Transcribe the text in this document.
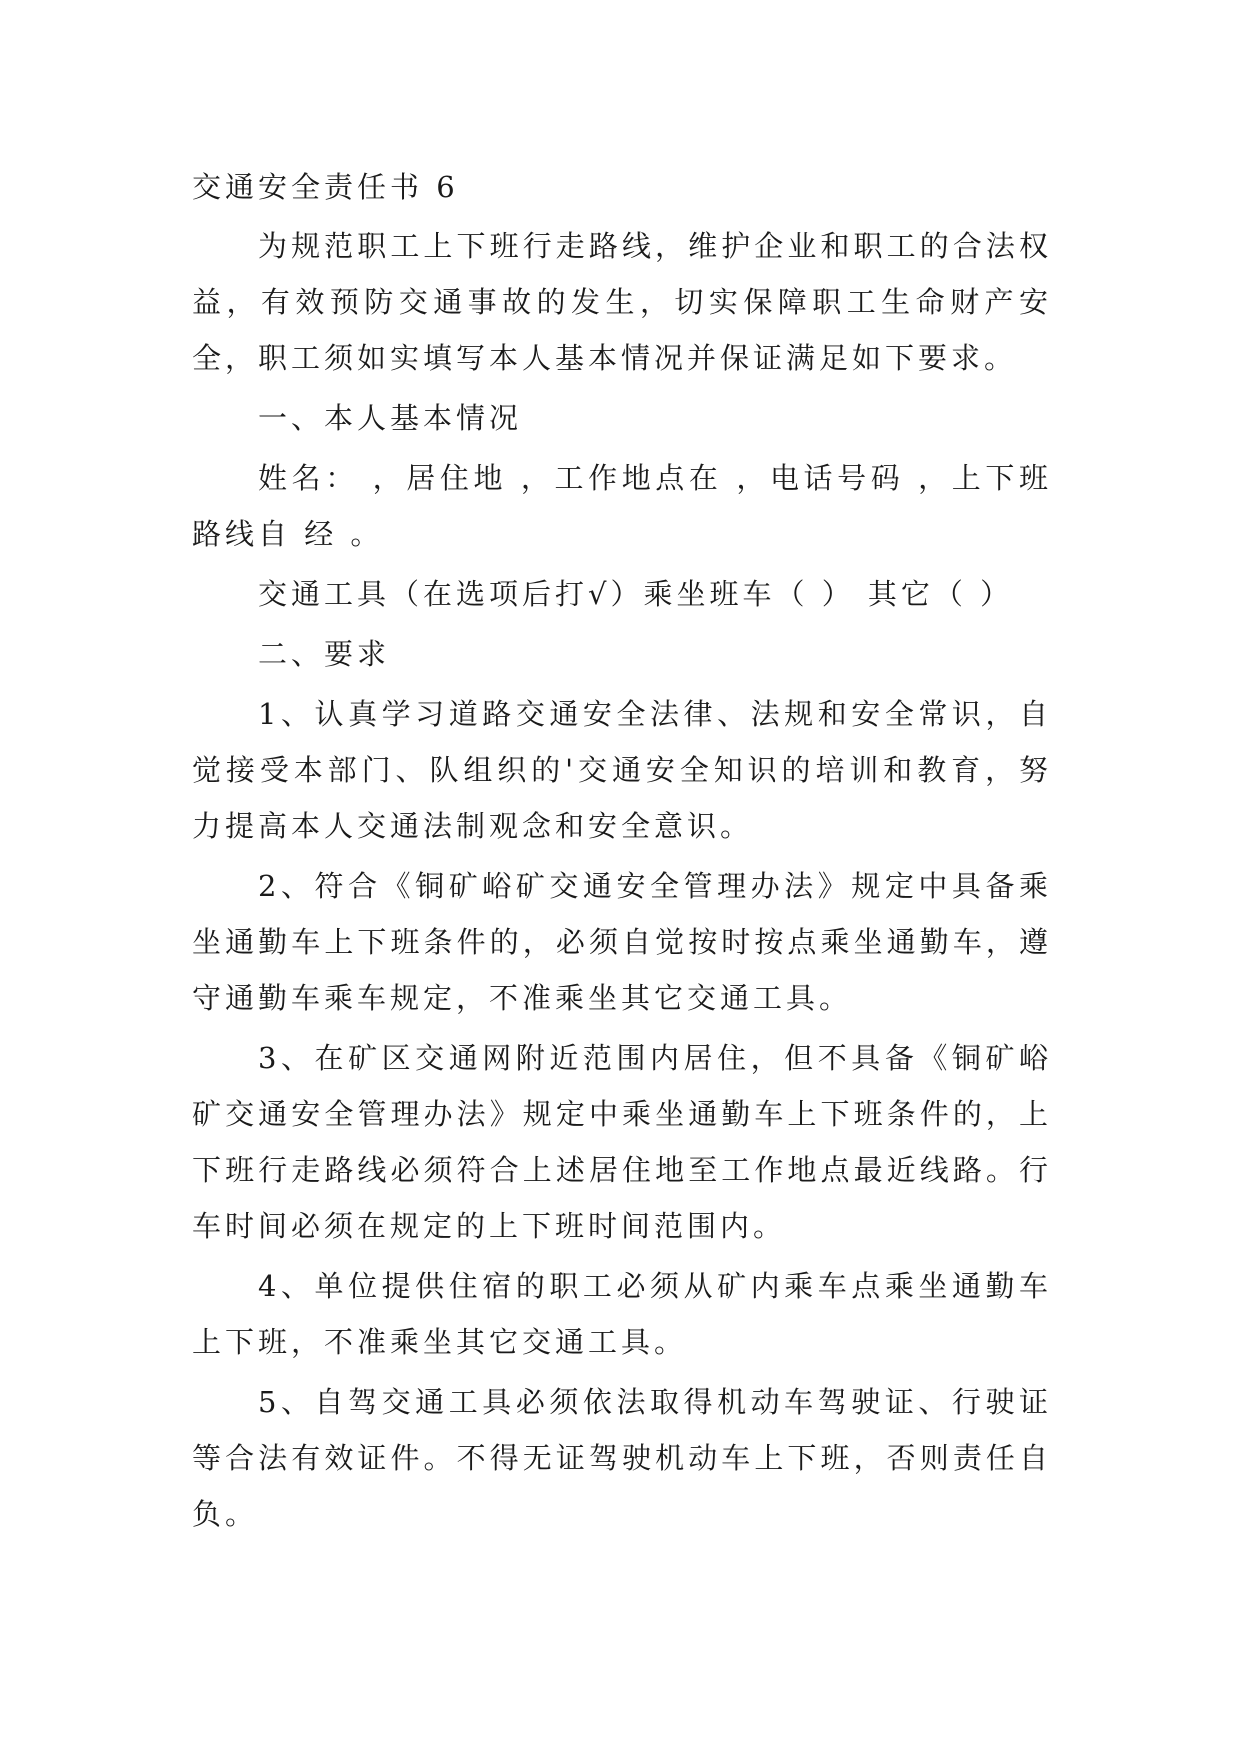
交通安全责任书 6

为规范职工上下班行走路线，维护企业和职工的合法权益，有效预防交通事故的发生，切实保障职工生命财产安全，职工须如实填写本人基本情况并保证满足如下要求。

一、本人基本情况

姓名： ，居住地 ，工作地点在 ，电话号码 ，上下班路线自 经 。

交通工具（在选项后打√）乘坐班车（ ） 其它（ ）

二、要求

1、认真学习道路交通安全法律、法规和安全常识，自觉接受本部门、队组织的'交通安全知识的培训和教育，努力提高本人交通法制观念和安全意识。

2、符合《铜矿峪矿交通安全管理办法》规定中具备乘坐通勤车上下班条件的，必须自觉按时按点乘坐通勤车，遵守通勤车乘车规定，不准乘坐其它交通工具。

3、在矿区交通网附近范围内居住，但不具备《铜矿峪矿交通安全管理办法》规定中乘坐通勤车上下班条件的，上下班行走路线必须符合上述居住地至工作地点最近线路。行车时间必须在规定的上下班时间范围内。

4、单位提供住宿的职工必须从矿内乘车点乘坐通勤车上下班，不准乘坐其它交通工具。

5、自驾交通工具必须依法取得机动车驾驶证、行驶证等合法有效证件。不得无证驾驶机动车上下班，否则责任自负。
